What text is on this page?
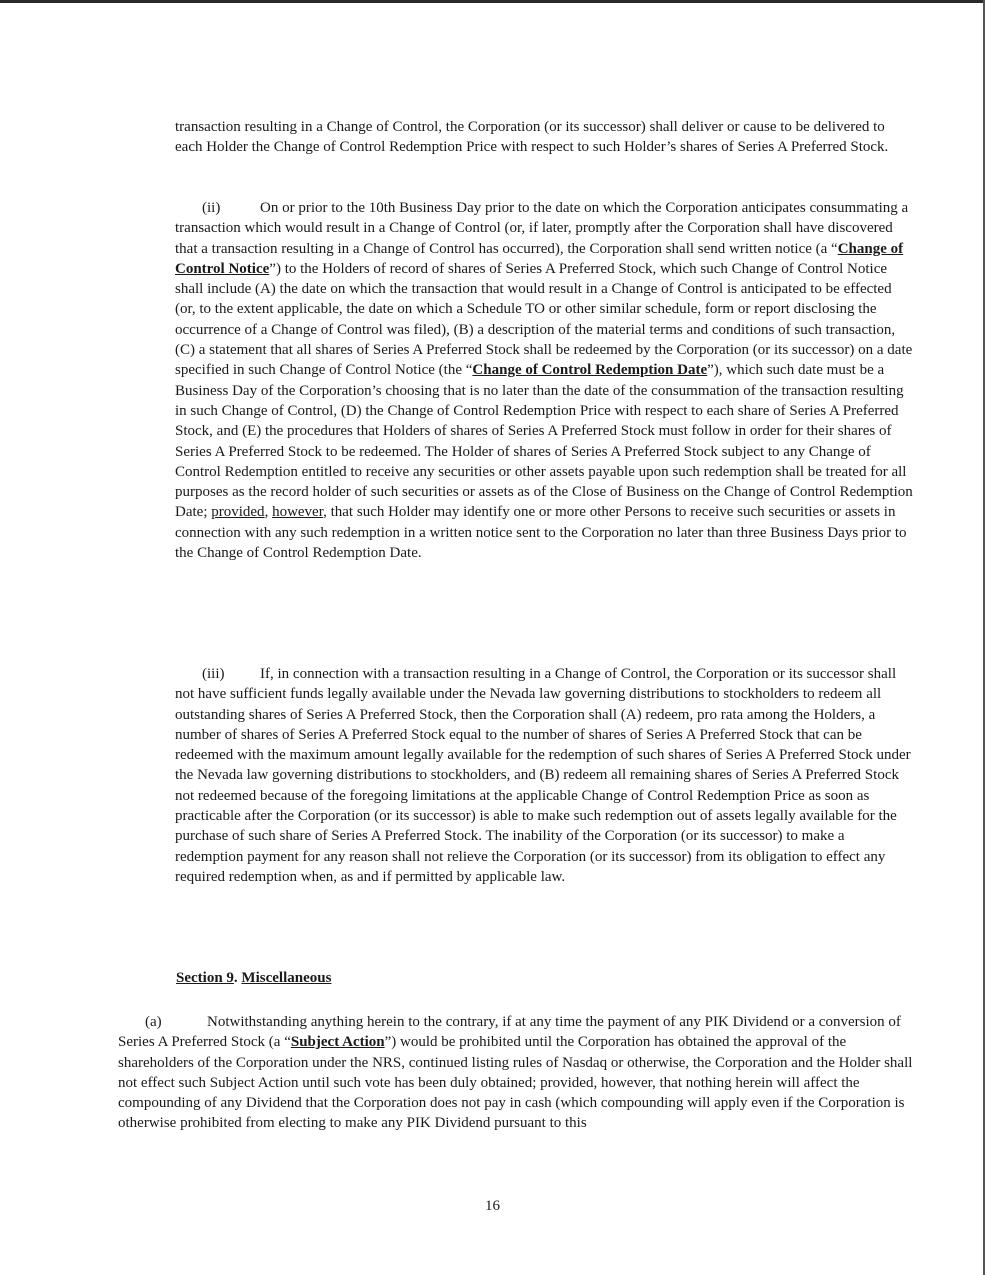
transaction resulting in a Change of Control, the Corporation (or its successor) shall deliver or cause to be delivered to each Holder the Change of Control Redemption Price with respect to such Holder’s shares of Series A Preferred Stock.

(ii)	On or prior to the 10th Business Day prior to the date on which the Corporation anticipates consummating a transaction which would result in a Change of Control (or, if later, promptly after the Corporation shall have discovered that a transaction resulting in a Change of Control has occurred), the Corporation shall send written notice (a “Change of Control Notice”) to the Holders of record of shares of Series A Preferred Stock, which such Change of Control Notice shall include (A) the date on which the transaction that would result in a Change of Control is anticipated to be effected (or, to the extent applicable, the date on which a Schedule TO or other similar schedule, form or report disclosing the occurrence of a Change of Control was filed), (B) a description of the material terms and conditions of such transaction, (C) a statement that all shares of Series A Preferred Stock shall be redeemed by the Corporation (or its successor) on a date specified in such Change of Control Notice (the “Change of Control Redemption Date”), which such date must be a Business Day of the Corporation’s choosing that is no later than the date of the consummation of the transaction resulting in such Change of Control, (D) the Change of Control Redemption Price with respect to each share of Series A Preferred Stock, and (E) the procedures that Holders of shares of Series A Preferred Stock must follow in order for their shares of Series A Preferred Stock to be redeemed. The Holder of shares of Series A Preferred Stock subject to any Change of Control Redemption entitled to receive any securities or other assets payable upon such redemption shall be treated for all purposes as the record holder of such securities or assets as of the Close of Business on the Change of Control Redemption Date; provided, however, that such Holder may identify one or more other Persons to receive such securities or assets in connection with any such redemption in a written notice sent to the Corporation no later than three Business Days prior to the Change of Control Redemption Date.

(iii) If, in connection with a transaction resulting in a Change of Control, the Corporation or its successor shall not have sufficient funds legally available under the Nevada law governing distributions to stockholders to redeem all outstanding shares of Series A Preferred Stock, then the Corporation shall (A) redeem, pro rata among the Holders, a number of shares of Series A Preferred Stock equal to the number of shares of Series A Preferred Stock that can be redeemed with the maximum amount legally available for the redemption of such shares of Series A Preferred Stock under the Nevada law governing distributions to stockholders, and (B) redeem all remaining shares of Series A Preferred Stock not redeemed because of the foregoing limitations at the applicable Change of Control Redemption Price as soon as practicable after the Corporation (or its successor) is able to make such redemption out of assets legally available for the purchase of such share of Series A Preferred Stock. The inability of the Corporation (or its successor) to make a redemption payment for any reason shall not relieve the Corporation (or its successor) from its obligation to effect any required redemption when, as and if permitted by applicable law.

Section 9. Miscellaneous

(a)	Notwithstanding anything herein to the contrary, if at any time the payment of any PIK Dividend or a conversion of Series A Preferred Stock (a “Subject Action”) would be prohibited until the Corporation has obtained the approval of the shareholders of the Corporation under the NRS, continued listing rules of Nasdaq or otherwise, the Corporation and the Holder shall not effect such Subject Action until such vote has been duly obtained; provided, however, that nothing herein will affect the compounding of any Dividend that the Corporation does not pay in cash (which compounding will apply even if the Corporation is otherwise prohibited from electing to make any PIK Dividend pursuant to this

16
